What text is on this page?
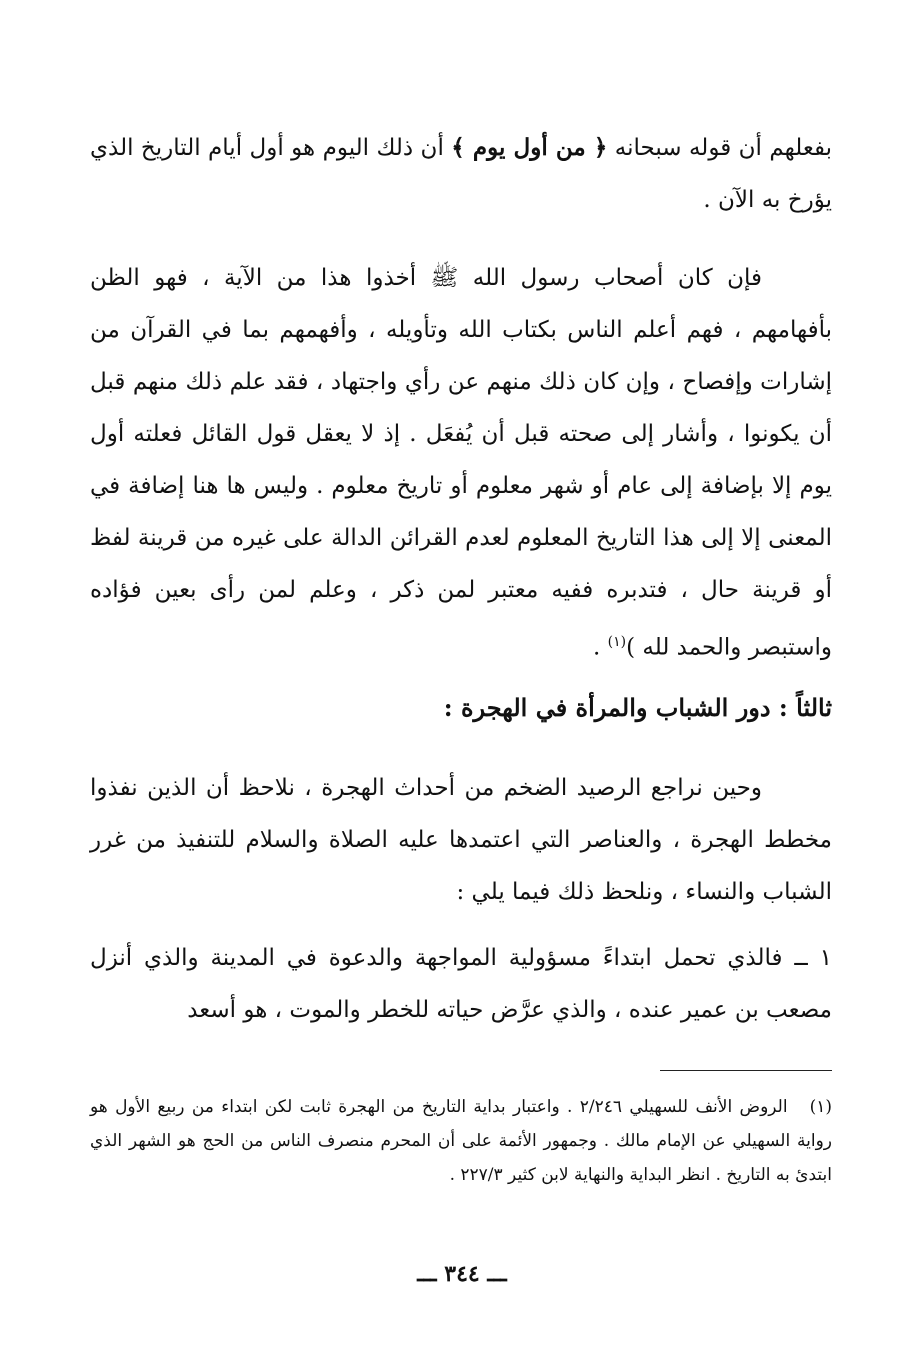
بفعلهم أن قوله سبحانه ﴿ من أول يوم ﴾ أن ذلك اليوم هو أول أيام التاريخ الذي يؤرخ به الآن .

فإن كان أصحاب رسول الله ﷺ أخذوا هذا من الآية ، فهو الظن بأفهامهم ، فهم أعلم الناس بكتاب الله وتأويله ، وأفهمهم بما في القرآن من إشارات وإفصاح ، وإن كان ذلك منهم عن رأي واجتهاد ، فقد علم ذلك منهم قبل أن يكونوا ، وأشار إلى صحته قبل أن يُفعَل . إذ لا يعقل قول القائل فعلته أول يوم إلا بإضافة إلى عام أو شهر معلوم أو تاريخ معلوم . وليس ها هنا إضافة في المعنى إلا إلى هذا التاريخ المعلوم لعدم القرائن الدالة على غيره من قرينة لفظ أو قرينة حال ، فتدبره ففيه معتبر لمن ذكر ، وعلم لمن رأى بعين فؤاده واستبصر والحمد لله )$^{(١)}$ .

ثالثاً : دور الشباب والمرأة في الهجرة :

وحين نراجع الرصيد الضخم من أحداث الهجرة ، نلاحظ أن الذين نفذوا مخطط الهجرة ، والعناصر التي اعتمدها عليه الصلاة والسلام للتنفيذ من غرر الشباب والنساء ، ونلحظ ذلك فيما يلي :

١ ــ فالذي تحمل ابتداءً مسؤولية المواجهة والدعوة في المدينة والذي أنزل مصعب بن عمير عنده ، والذي عرَّض حياته للخطر والموت ، هو أسعد

(١)   الروض الأنف للسهيلي ٢/٢٤٦ . واعتبار بداية التاريخ من الهجرة ثابت لكن ابتداء من ربيع الأول هو رواية السهيلي عن الإمام مالك . وجمهور الأئمة على أن المحرم منصرف الناس من الحج هو الشهر الذي ابتدئ به التاريخ . انظر البداية والنهاية لابن كثير ٢٢٧/٣ .

ـــ ٣٤٤ ـــ
